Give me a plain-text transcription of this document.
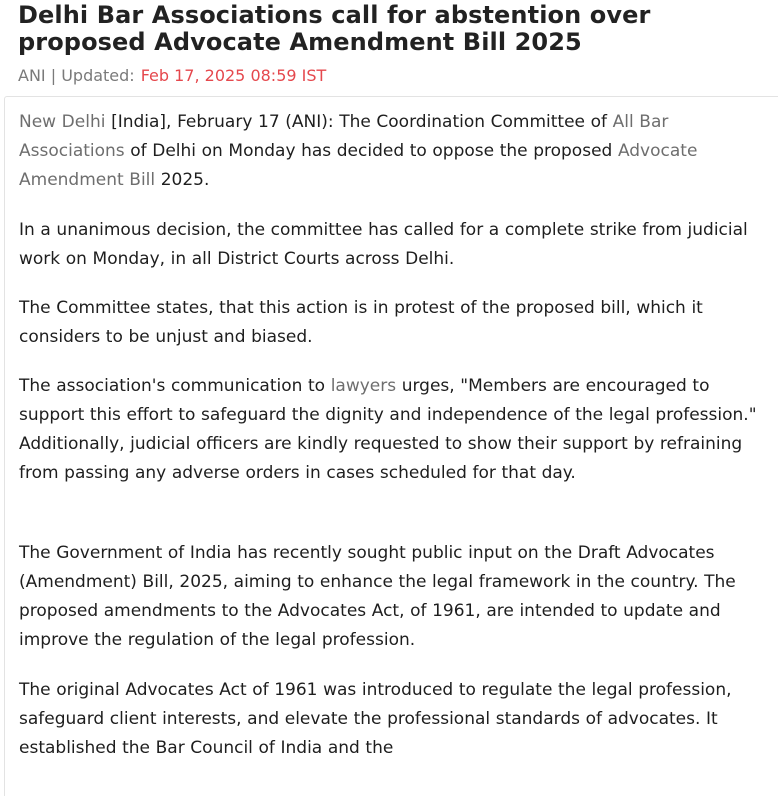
Delhi Bar Associations call for abstention over proposed Advocate Amendment Bill 2025
ANI | Updated: Feb 17, 2025 08:59 IST

New Delhi [India], February 17 (ANI): The Coordination Committee of All Bar Associations of Delhi on Monday has decided to oppose the proposed Advocate Amendment Bill 2025.

In a unanimous decision, the committee has called for a complete strike from judicial work on Monday, in all District Courts across Delhi.

The Committee states, that this action is in protest of the proposed bill, which it considers to be unjust and biased.

The association's communication to lawyers urges, "Members are encouraged to support this effort to safeguard the dignity and independence of the legal profession." Additionally, judicial officers are kindly requested to show their support by refraining from passing any adverse orders in cases scheduled for that day.

The Government of India has recently sought public input on the Draft Advocates (Amendment) Bill, 2025, aiming to enhance the legal framework in the country. The proposed amendments to the Advocates Act, of 1961, are intended to update and improve the regulation of the legal profession.

The original Advocates Act of 1961 was introduced to regulate the legal profession, safeguard client interests, and elevate the professional standards of advocates. It established the Bar Council of India and the
